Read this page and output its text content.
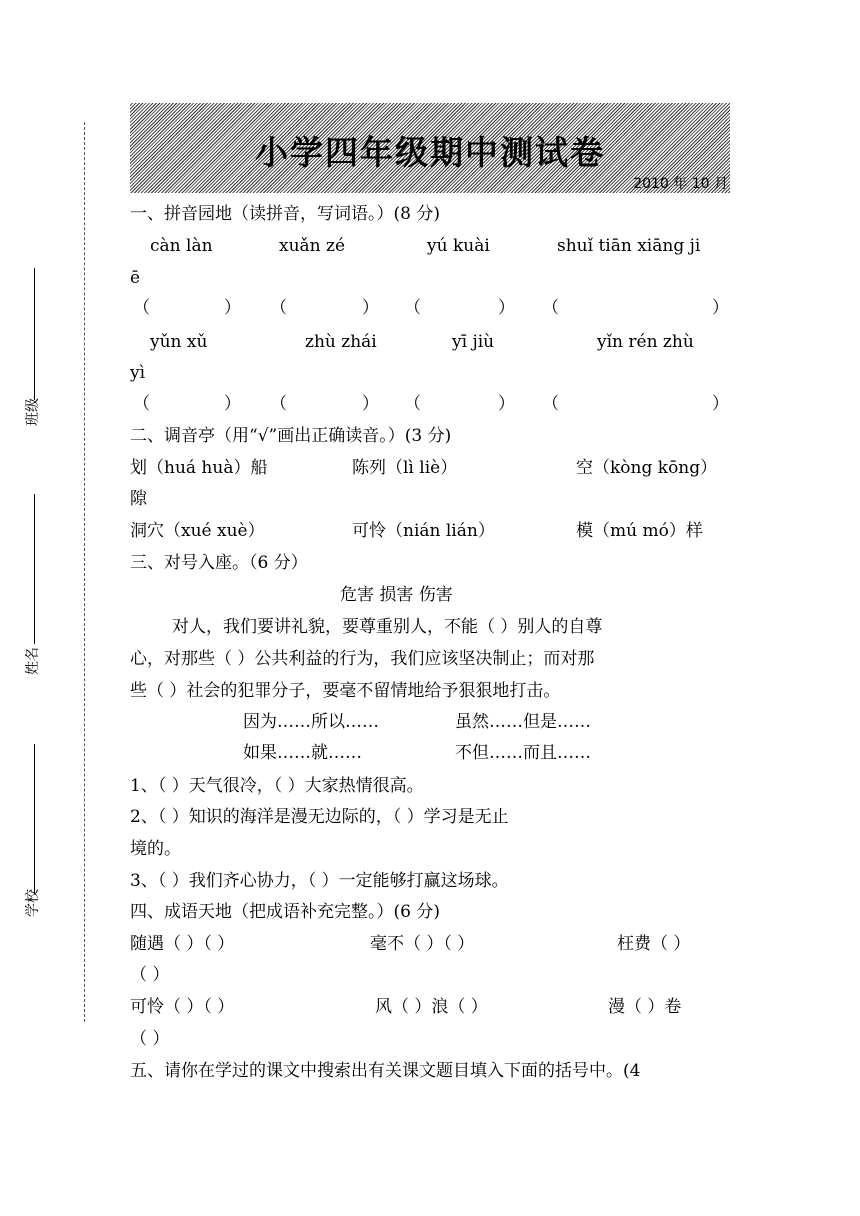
班级
姓名
学校
小学四年级期中测试卷
2010 年 10 月
一、拼音园地（读拼音，写词语。）(8 分)
càn làn	xuǎn zé	yú kuài	shuǐ tiān xiāng ji
ē
（	） （	） （	） （	）
yǔn xǔ	zhù zhái	yī jiù	yǐn rén zhù
yì
（	） （	） （	） （	）
二、调音亭（用“√”画出正确读音。）(3 分)
划（huá huà）船	陈列（lì liè）	空（kòng kōng）
隙
洞穴（xué xuè）	可怜（nián lián）	模（mú mó）样
三、对号入座。（6 分）
危害 损害 伤害
对人，我们要讲礼貌，要尊重别人，不能（ ）别人的自尊
心，对那些（ ）公共利益的行为，我们应该坚决制止；而对那
些（ ）社会的犯罪分子，要毫不留情地给予狠狠地打击。
因为……所以……	虽然……但是……
如果……就……	不但……而且……
1、（ ）天气很冷，（ ）大家热情很高。
2、（ ）知识的海洋是漫无边际的，（ ）学习是无止
境的。
3、（ ）我们齐心协力，（ ）一定能够打赢这场球。
四、成语天地（把成语补充完整。）(6 分)
随遇（ ）（ ）	毫不（ ）（ ）	枉费（ ）
（ ）
可怜（ ）（ ）	风（ ）浪（ ）	漫（ ）卷
（ ）
五、请你在学过的课文中搜索出有关课文题目填入下面的括号中。(4
